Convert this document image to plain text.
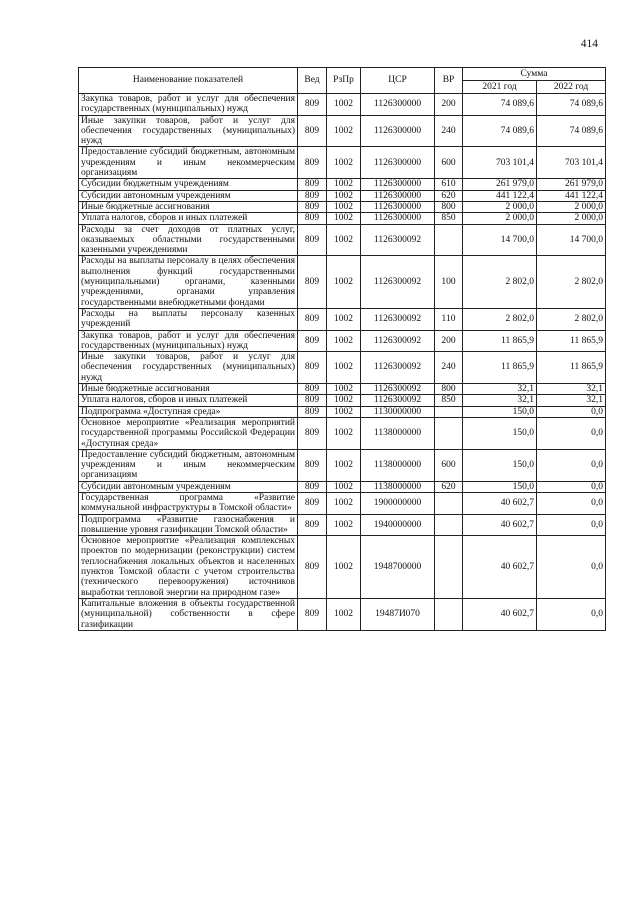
414
Наименование показателей	Вед	РзПр	ЦСР	ВР	Сумма	
					2021 год	2022 год
Закупка товаров, работ и услуг для обеспечения государственных (муниципальных) нужд	809	1002	1126300000	200	74 089,6	74 089,6
Иные закупки товаров, работ и услуг для обеспечения государственных (муниципальных) нужд	809	1002	1126300000	240	74 089,6	74 089,6
Предоставление субсидий бюджетным, автономным учреждениям и иным некоммерческим организациям	809	1002	1126300000	600	703 101,4	703 101,4
Субсидии бюджетным учреждениям	809	1002	1126300000	610	261 979,0	261 979,0
Субсидии автономным учреждениям	809	1002	1126300000	620	441 122,4	441 122,4
Иные бюджетные ассигнования	809	1002	1126300000	800	2 000,0	2 000,0
Уплата налогов, сборов и иных платежей	809	1002	1126300000	850	2 000,0	2 000,0
Расходы за счет доходов от платных услуг, оказываемых областными государственными казенными учреждениями	809	1002	1126300092		14 700,0	14 700,0
Расходы на выплаты персоналу в целях обеспечения выполнения функций государственными (муниципальными) органами, казенными учреждениями, органами управления государственными внебюджетными фондами	809	1002	1126300092	100	2 802,0	2 802,0
Расходы на выплаты персоналу казенных учреждений	809	1002	1126300092	110	2 802,0	2 802,0
Закупка товаров, работ и услуг для обеспечения государственных (муниципальных) нужд	809	1002	1126300092	200	11 865,9	11 865,9
Иные закупки товаров, работ и услуг для обеспечения государственных (муниципальных) нужд	809	1002	1126300092	240	11 865,9	11 865,9
Иные бюджетные ассигнования	809	1002	1126300092	800	32,1	32,1
Уплата налогов, сборов и иных платежей	809	1002	1126300092	850	32,1	32,1
Подпрограмма «Доступная среда»	809	1002	1130000000		150,0	0,0
Основное мероприятие «Реализация мероприятий государственной программы Российской Федерации «Доступная среда»	809	1002	1138000000		150,0	0,0
Предоставление субсидий бюджетным, автономным учреждениям и иным некоммерческим организациям	809	1002	1138000000	600	150,0	0,0
Субсидии автономным учреждениям	809	1002	1138000000	620	150,0	0,0
Государственная программа «Развитие коммунальной инфраструктуры в Томской области»	809	1002	1900000000		40 602,7	0,0
Подпрограмма «Развитие газоснабжения и повышение уровня газификации Томской области»	809	1002	1940000000		40 602,7	0,0
Основное мероприятие «Реализация комплексных проектов по модернизации (реконструкции) систем теплоснабжения локальных объектов и населенных пунктов Томской области с учетом строительства (технического перевооружения) источников выработки тепловой энергии на природном газе»	809	1002	1948700000		40 602,7	0,0
Капитальные вложения в объекты государственной (муниципальной) собственности в сфере газификации	809	1002	19487И070		40 602,7	0,0
